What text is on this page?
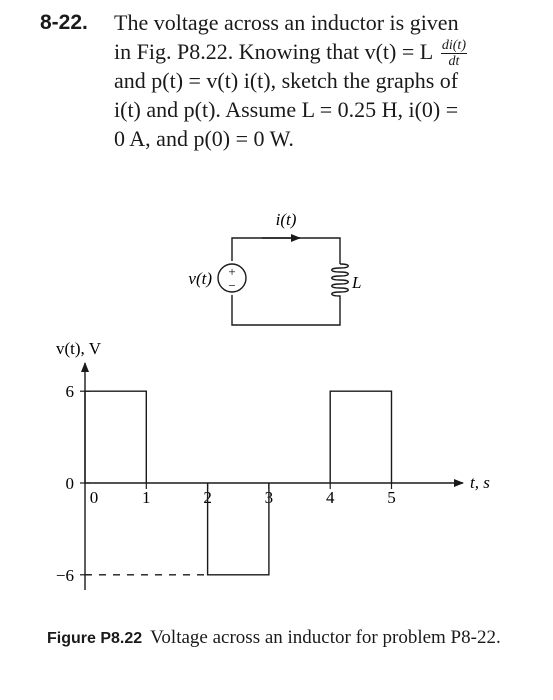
8-22. The voltage across an inductor is given
in Fig. P8.22. Knowing that v(t) = L $\frac{di(t)}{dt}$
and p(t) = v(t) i(t), sketch the graphs of
i(t) and p(t). Assume L = 0.25 H, i(0) =
0 A, and p(0) = 0 W.
+
−
i(t)
v(t)	L
v(t), V
t, s
6
0
−6
0	1	2	3	4	5
Figure P8.22 Voltage across an inductor for problem P8-22.
